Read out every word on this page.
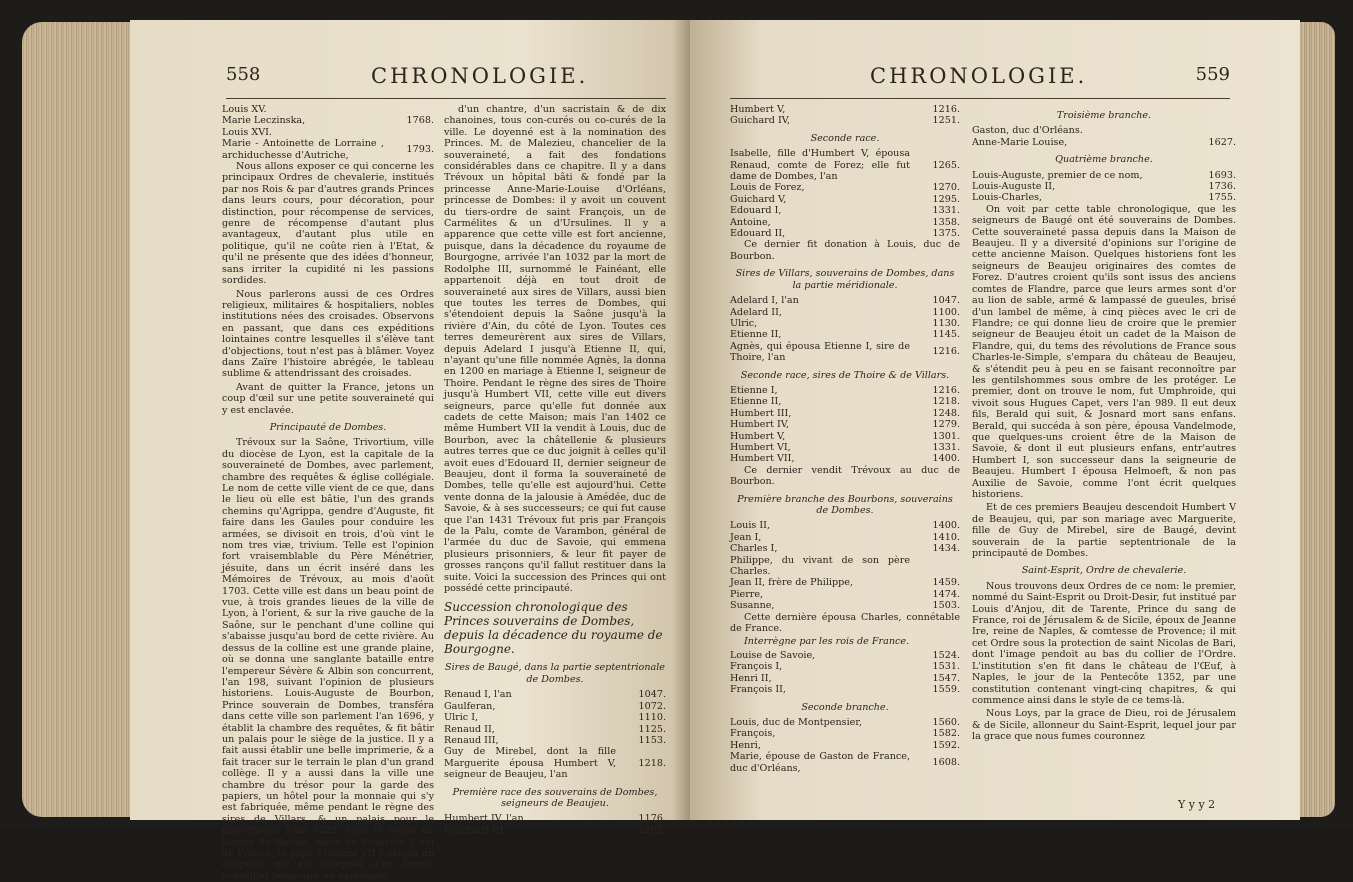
558	CHRONOLOGIE.
Louis XV.	
Marie Leczinska,	1768.
Louis XVI.	
Marie - Antoinette de Lorraine , archiduchesse d'Autriche,	1793.

Nous allons exposer ce qui concerne les principaux Ordres de chevalerie, institués par nos Rois & par d'autres grands Princes dans leurs cours, pour décoration, pour distinction, pour récompense de services, genre de récompense d'autant plus avantageux, d'autant plus utile en politique, qu'il ne coûte rien à l'Etat, & qu'il ne présente que des idées d'honneur, sans irriter la cupidité ni les passions sordides.

Nous parlerons aussi de ces Ordres religieux, militaires & hospitaliers, nobles institutions nées des croisades. Observons en passant, que dans ces expéditions lointaines contre lesquelles il s'élève tant d'objections, tout n'est pas à blâmer. Voyez dans Zaïre l'histoire abrégée, le tableau sublime & attendrissant des croisades.

Avant de quitter la France, jetons un coup d'œil sur une petite souveraineté qui y est enclavée.

Principauté de Dombes.

Trévoux sur la Saône, Trivortium, ville du diocèse de Lyon, est la capitale de la souveraineté de Dombes, avec parlement, chambre des requêtes & église collégiale. Le nom de cette ville vient de ce que, dans le lieu où elle est bâtie, l'un des grands chemins qu'Agrippa, gendre d'Auguste, fit faire dans les Gaules pour conduire les armées, se divisoit en trois, d'où vint le nom tres viæ, trivium. Telle est l'opinion fort vraisemblable du Père Ménétrier, jésuite, dans un écrit inséré dans les Mémoires de Trévoux, au mois d'août 1703. Cette ville est dans un beau point de vue, à trois grandes lieues de la ville de Lyon, à l'orient, & sur la rive gauche de la Saône, sur le penchant d'une colline qui s'abaisse jusqu'au bord de cette rivière. Au dessus de la colline est une grande plaine, où se donna une sanglante bataille entre l'empereur Sévère & Albin son concurrent, l'an 198, suivant l'opinion de plusieurs historiens. Louis-Auguste de Bourbon, Prince souverain de Dombes, transféra dans cette ville son parlement l'an 1696, y établit la chambre des requêtes, & fit bâtir un palais pour le siège de la justice. Il y a fait aussi établir une belle imprimerie, & a fait tracer sur le terrain le plan d'un grand collège. Il y a aussi dans la ville une chambre du trésor pour la garde des papiers, un hôtel pour la monnaie qui s'y est fabriquée, même pendant le règne des sires de Villars, & un palais pour le gouverneur. L'an 1325, sous le règne de Louise de Savoie, mère de François I, roi de France, le pape Clément VII y érigea un chapitre, qui est composé d'un doyen, conseiller honoraire au parlement;

d'un chantre, d'un sacristain & de dix chanoines, tous con-curés ou co-curés de la ville. Le doyenné est à la nomination des Princes. M. de Malezieu, chancelier de la souveraineté, a fait des fondations considérables dans ce chapitre. Il y a dans Trévoux un hôpital bâti & fondé par la princesse Anne-Marie-Louise d'Orléans, princesse de Dombes: il y avoit un couvent du tiers-ordre de saint François, un de Carmélites & un d'Ursulines. Il y a apparence que cette ville est fort ancienne, puisque, dans la décadence du royaume de Bourgogne, arrivée l'an 1032 par la mort de Rodolphe III, surnommé le Fainéant, elle appartenoit déjà en tout droit de souveraineté aux sires de Villars, aussi bien que toutes les terres de Dombes, qui s'étendoient depuis la Saône jusqu'à la rivière d'Ain, du côté de Lyon. Toutes ces terres demeurèrent aux sires de Villars, depuis Adelard I jusqu'à Etienne II, qui, n'ayant qu'une fille nommée Agnès, la donna en 1200 en mariage à Etienne I, seigneur de Thoire. Pendant le règne des sires de Thoire jusqu'à Humbert VII, cette ville eut divers seigneurs, parce qu'elle fut donnée aux cadets de cette Maison; mais l'an 1402 ce même Humbert VII la vendit à Louis, duc de Bourbon, avec la châtellenie & plusieurs autres terres que ce duc joignit à celles qu'il avoit eues d'Edouard II, dernier seigneur de Beaujeu, dont il forma la souveraineté de Dombes, telle qu'elle est aujourd'hui. Cette vente donna de la jalousie à Amédée, duc de Savoie, & à ses successeurs; ce qui fut cause que l'an 1431 Trévoux fut pris par François de la Palu, comte de Varambon, général de l'armée du duc de Savoie, qui emmena plusieurs prisonniers, & leur fit payer de grosses rançons qu'il fallut restituer dans la suite. Voici la succession des Princes qui ont possédé cette principauté.

Succession chronologique des Princes souverains de Dombes, depuis la décadence du royaume de Bourgogne.

Sires de Baugé, dans la partie septentrionale de Dombes.

Renaud I, l'an	1047.
Gaulferan,	1072.
Ulric I,	1110.
Renaud II,	1125.
Renaud III,	1153.
Guy de Mirebel, dont la fille Marguerite épousa Humbert V, seigneur de Beaujeu, l'an	1218.

Première race des souverains de Dombes, seigneurs de Beaujeu.

Humbert IV, l'an	1176.
Guichard III,	1202.
CHRONOLOGIE.	559
Humbert V,	1216.
Guichard IV,	1251.

Seconde race.

Isabelle, fille d'Humbert V, épousa Renaud, comte de Forez; elle fut dame de Dombes, l'an	1265.
Louis de Forez,	1270.
Guichard V,	1295.
Edouard I,	1331.
Antoine,	1358.
Edouard II,	1375.

Ce dernier fit donation à Louis, duc de Bourbon.

Sires de Villars, souverains de Dombes, dans la partie méridionale.

Adelard I, l'an	1047.
Adelard II,	1100.
Ulric,	1130.
Etienne II,	1145.
Agnès, qui épousa Etienne I, sire de Thoire, l'an	1216.

Seconde race, sires de Thoire & de Villars.

Etienne I,	1216.
Etienne II,	1218.
Humbert III,	1248.
Humbert IV,	1279.
Humbert V,	1301.
Humbert VI,	1331.
Humbert VII,	1400.

Ce dernier vendit Trévoux au duc de Bourbon.

Première branche des Bourbons, souverains de Dombes.

Louis II,	1400.
Jean I,	1410.
Charles I,	1434.
Philippe, du vivant de son père Charles.	
Jean II, frère de Philippe,	1459.
Pierre,	1474.
Susanne,	1503.

Cette dernière épousa Charles, connétable de France.

Interrègne par les rois de France.

Louise de Savoie,	1524.
François I,	1531.
Henri II,	1547.
François II,	1559.

Seconde branche.

Louis, duc de Montpensier,	1560.
François,	1582.
Henri,	1592.
Marie, épouse de Gaston de France, duc d'Orléans,	1608.

Troisième branche.

Gaston, duc d'Orléans.	
Anne-Marie Louise,	1627.

Quatrième branche.

Louis-Auguste, premier de ce nom,	1693.
Louis-Auguste II,	1736.
Louis-Charles,	1755.

On voit par cette table chronologique, que les seigneurs de Baugé ont été souverains de Dombes. Cette souveraineté passa depuis dans la Maison de Beaujeu. Il y a diversité d'opinions sur l'origine de cette ancienne Maison. Quelques historiens font les seigneurs de Beaujeu originaires des comtes de Forez. D'autres croient qu'ils sont issus des anciens comtes de Flandre, parce que leurs armes sont d'or au lion de sable, armé & lampassé de gueules, brisé d'un lambel de même, à cinq pièces avec le cri de Flandre; ce qui donne lieu de croire que le premier seigneur de Beaujeu étoit un cadet de la Maison de Flandre, qui, du tems des révolutions de France sous Charles-le-Simple, s'empara du château de Beaujeu, & s'étendit peu à peu en se faisant reconnoître par les gentilshommes sous ombre de les protéger. Le premier, dont on trouve le nom, fut Umphroide, qui vivoit sous Hugues Capet, vers l'an 989. Il eut deux fils, Berald qui suit, & Josnard mort sans enfans. Berald, qui succéda à son père, épousa Vandelmode, que quelques-uns croient être de la Maison de Savoie, & dont il eut plusieurs enfans, entr'autres Humbert I, son successeur dans la seigneurie de Beaujeu. Humbert I épousa Helmoeft, & non pas Auxilie de Savoie, comme l'ont écrit quelques historiens.

Et de ces premiers Beaujeu descendoit Humbert V de Beaujeu, qui, par son mariage avec Marguerite, fille de Guy de Mirebel, sire de Baugé, devint souverain de la partie septentrionale de la principauté de Dombes.

Saint-Esprit, Ordre de chevalerie.

Nous trouvons deux Ordres de ce nom: le premier, nommé du Saint-Esprit ou Droit-Desir, fut institué par Louis d'Anjou, dit de Tarente, Prince du sang de France, roi de Jérusalem & de Sicile, époux de Jeanne Ire, reine de Naples, & comtesse de Provence; il mit cet Ordre sous la protection de saint Nicolas de Bari, dont l'image pendoit au bas du collier de l'Ordre. L'institution s'en fit dans le château de l'Œuf, à Naples, le jour de la Pentecôte 1352, par une constitution contenant vingt-cinq chapitres, & qui commence ainsi dans le style de ce tems-là.

Nous Loys, par la grace de Dieu, roi de Jérusalem & de Sicile, allonneur du Saint-Esprit, lequel jour par la grace que nous fumes couronnez

Y y y 2
